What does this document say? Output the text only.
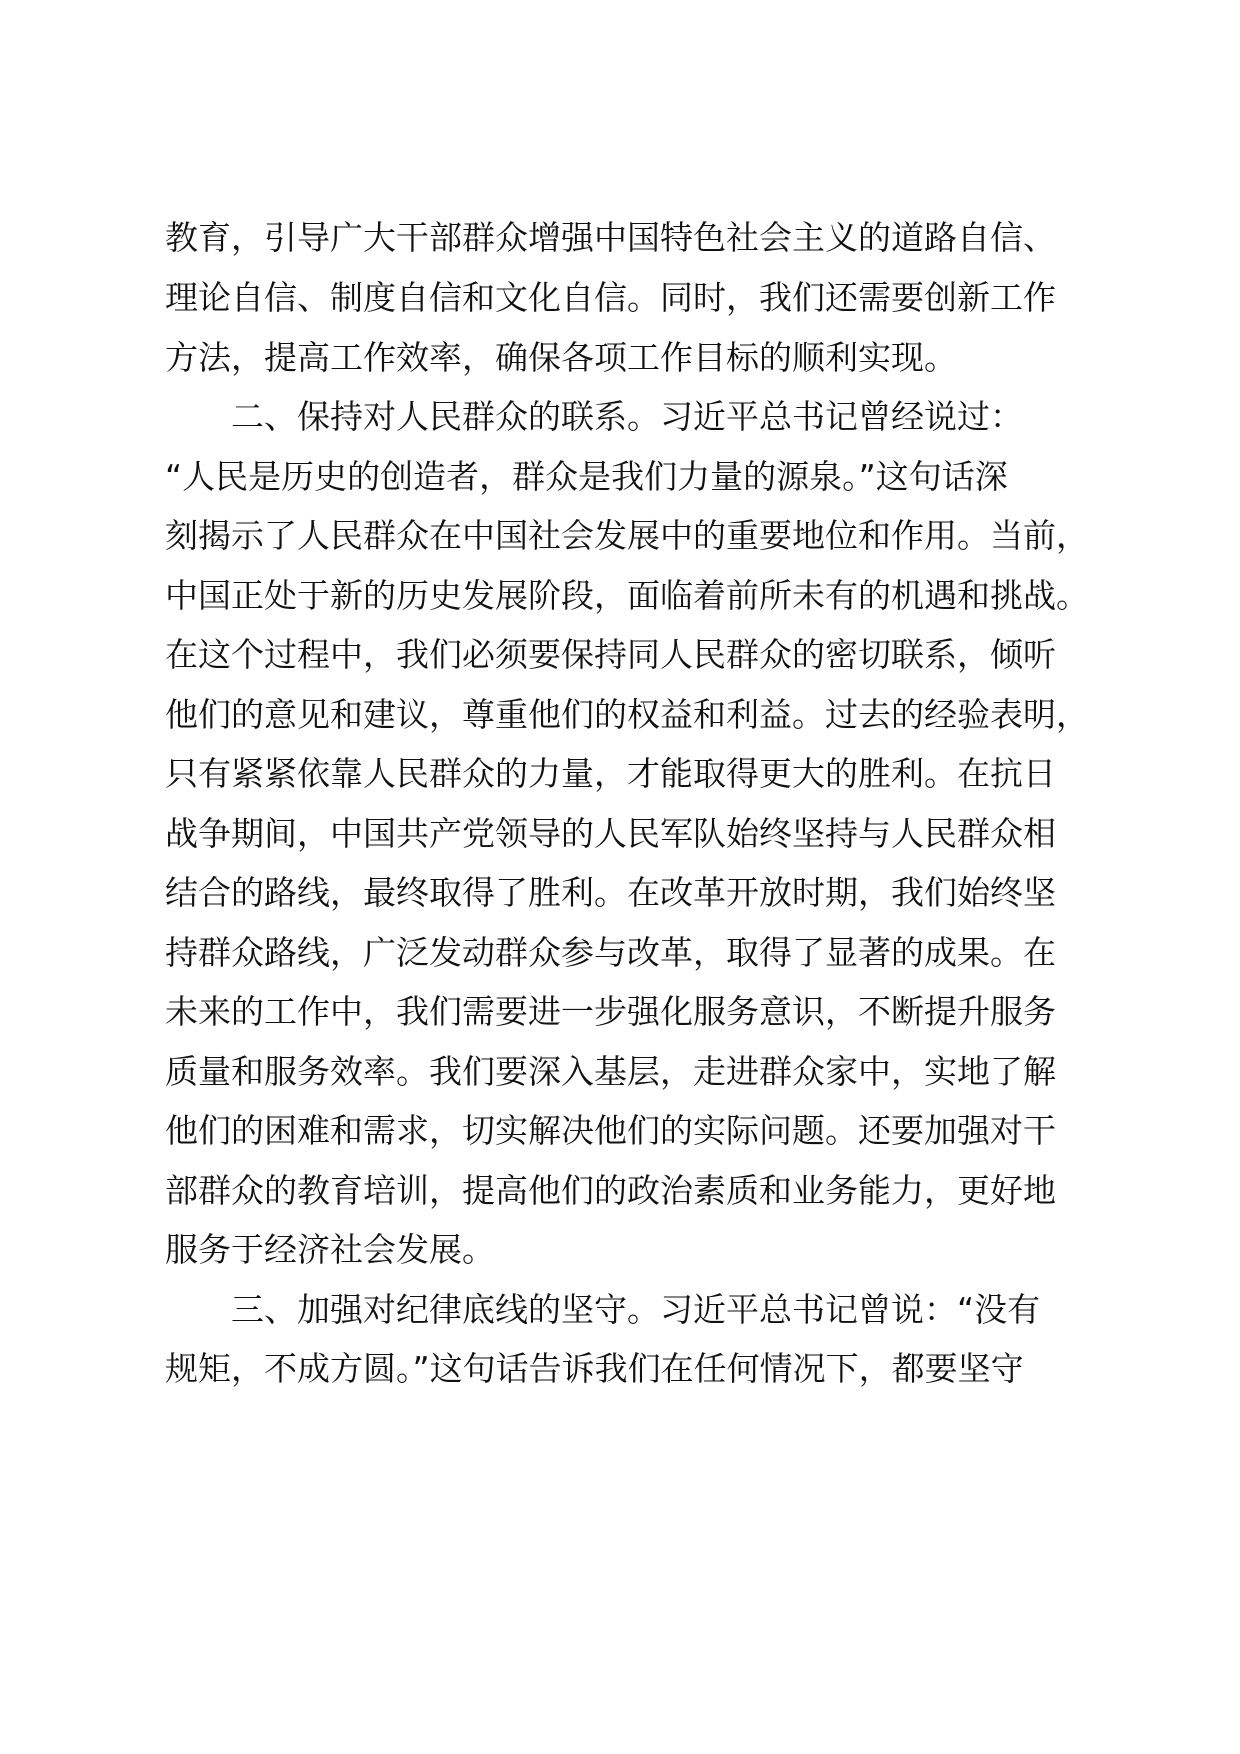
教育，引导广大干部群众增强中国特色社会主义的道路自信、
理论自信、制度自信和文化自信。同时，我们还需要创新工作
方法，提高工作效率，确保各项工作目标的顺利实现。
二、保持对人民群众的联系。习近平总书记曾经说过：
“人民是历史的创造者，群众是我们力量的源泉。”这句话深
刻揭示了人民群众在中国社会发展中的重要地位和作用。当前，
中国正处于新的历史发展阶段，面临着前所未有的机遇和挑战。
在这个过程中，我们必须要保持同人民群众的密切联系，倾听
他们的意见和建议，尊重他们的权益和利益。过去的经验表明，
只有紧紧依靠人民群众的力量，才能取得更大的胜利。在抗日
战争期间，中国共产党领导的人民军队始终坚持与人民群众相
结合的路线，最终取得了胜利。在改革开放时期，我们始终坚
持群众路线，广泛发动群众参与改革，取得了显著的成果。在
未来的工作中，我们需要进一步强化服务意识，不断提升服务
质量和服务效率。我们要深入基层，走进群众家中，实地了解
他们的困难和需求，切实解决他们的实际问题。还要加强对干
部群众的教育培训，提高他们的政治素质和业务能力，更好地
服务于经济社会发展。
三、加强对纪律底线的坚守。习近平总书记曾说：“没有
规矩，不成方圆。”这句话告诉我们在任何情况下，都要坚守
